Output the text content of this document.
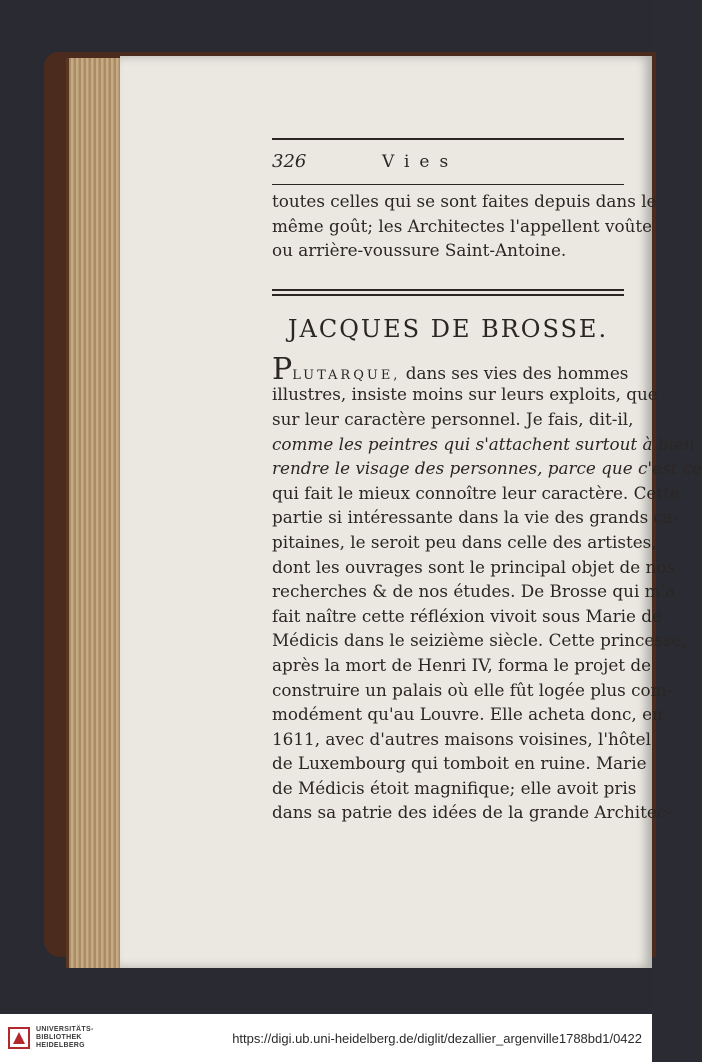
326	Vies
toutes celles qui se sont faites depuis dans le
même goût; les Architectes l'appellent voûte
ou arrière-voussure Saint-Antoine.
JACQUES DE BROSSE.
PLUTARQUE, dans ses vies des hommes
illustres, insiste moins sur leurs exploits, que
sur leur caractère personnel. Je fais, dit-il,
comme les peintres qui s'attachent surtout à bien
rendre le visage des personnes, parce que c'est ce
qui fait le mieux connoître leur caractère. Cette
partie si intéressante dans la vie des grands ca-
pitaines, le seroit peu dans celle des artistes,
dont les ouvrages sont le principal objet de nos
recherches & de nos études. De Brosse qui m'a
fait naître cette réfléxion vivoit sous Marie de
Médicis dans le seizième siècle. Cette princesse,
après la mort de Henri IV, forma le projet de
construire un palais où elle fût logée plus com-
modément qu'au Louvre. Elle acheta donc, en
1611, avec d'autres maisons voisines, l'hôtel
de Luxembourg qui tomboit en ruine. Marie
de Médicis étoit magnifique; elle avoit pris
dans sa patrie des idées de la grande Architec-
UNIVERSITÄTS-
BIBLIOTHEK
HEIDELBERG	https://digi.ub.uni-heidelberg.de/diglit/dezallier_argenville1788bd1/0422
